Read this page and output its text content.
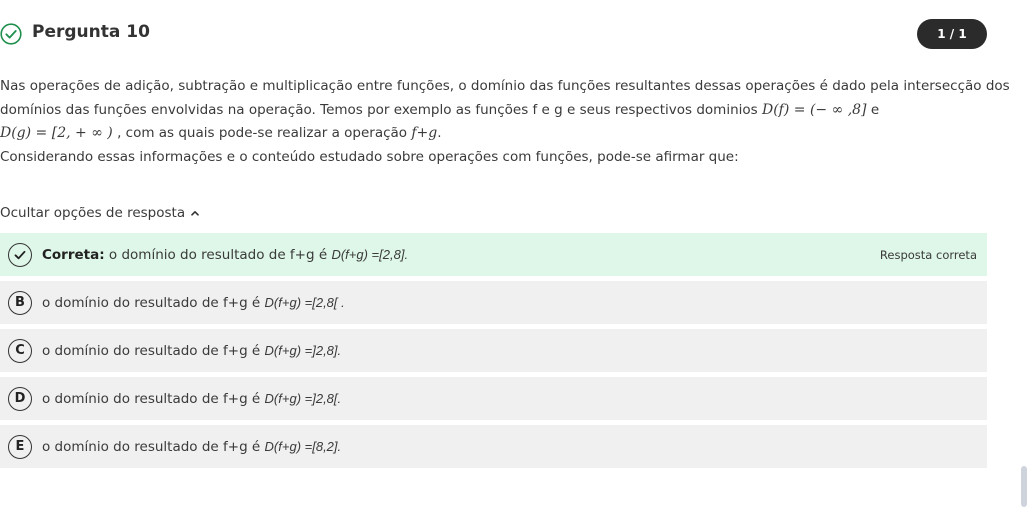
Pergunta 10	1 / 1
Nas operações de adição, subtração e multiplicação entre funções, o domínio das funções resultantes dessas operações é dado pela intersecção dos
domínios das funções envolvidas na operação. Temos por exemplo as funções f e g e seus respectivos dominios D(f) = (− ∞ ,8] e
D(g) = [2, + ∞ ) , com as quais pode-se realizar a operação f+g.
Considerando essas informações e o conteúdo estudado sobre operações com funções, pode-se afirmar que:
Ocultar opções de resposta
Correta: o domínio do resultado de f+g é D(f+g) =[2,8].	Resposta correta
B	o domínio do resultado de f+g é D(f+g) =[2,8[ .
C	o domínio do resultado de f+g é D(f+g) =]2,8].
D	o domínio do resultado de f+g é D(f+g) =]2,8[.
E	o domínio do resultado de f+g é D(f+g) =[8,2].
